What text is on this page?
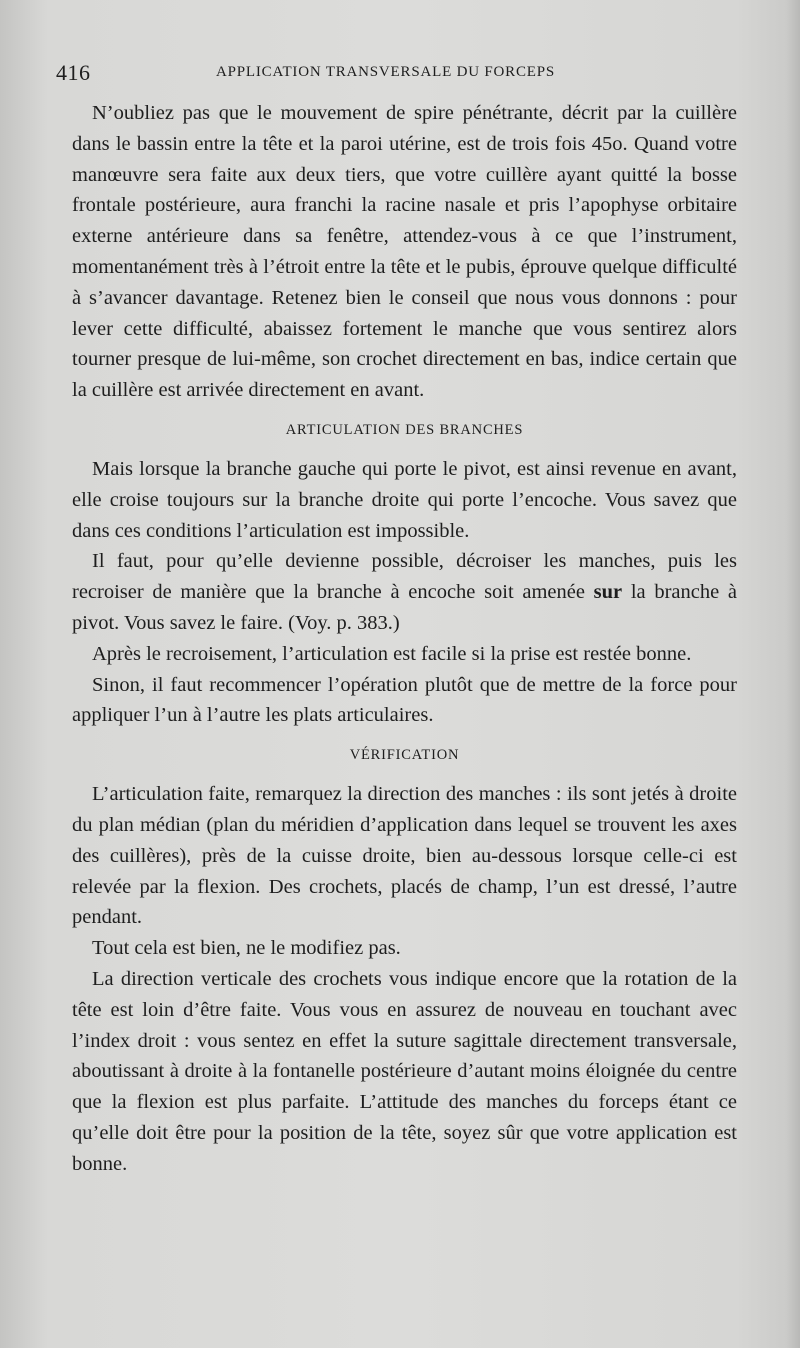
416	APPLICATION TRANSVERSALE DU FORCEPS

N’oubliez pas que le mouvement de spire pénétrante, décrit par la cuillère dans le bassin entre la tête et la paroi utérine, est de trois fois 45o. Quand votre manœuvre sera faite aux deux tiers, que votre cuillère ayant quitté la bosse frontale postérieure, aura franchi la racine nasale et pris l’apophyse orbitaire externe antérieure dans sa fenêtre, attendez-vous à ce que l’instrument, momentanément très à l’étroit entre la tête et le pubis, éprouve quelque difficulté à s’avancer davantage. Retenez bien le conseil que nous vous donnons : pour lever cette difficulté, abaissez fortement le manche que vous sentirez alors tourner presque de lui-même, son crochet directement en bas, indice certain que la cuillère est arrivée directement en avant.

ARTICULATION DES BRANCHES

Mais lorsque la branche gauche qui porte le pivot, est ainsi revenue en avant, elle croise toujours sur la branche droite qui porte l’encoche. Vous savez que dans ces conditions l’articulation est impossible.

Il faut, pour qu’elle devienne possible, décroiser les manches, puis les recroiser de manière que la branche à encoche soit amenée sur la branche à pivot. Vous savez le faire. (Voy. p. 383.)

Après le recroisement, l’articulation est facile si la prise est restée bonne.

Sinon, il faut recommencer l’opération plutôt que de mettre de la force pour appliquer l’un à l’autre les plats articulaires.

VÉRIFICATION

L’articulation faite, remarquez la direction des manches : ils sont jetés à droite du plan médian (plan du méridien d’application dans lequel se trouvent les axes des cuillères), près de la cuisse droite, bien au-dessous lorsque celle-ci est relevée par la flexion. Des crochets, placés de champ, l’un est dressé, l’autre pendant.

Tout cela est bien, ne le modifiez pas.

La direction verticale des crochets vous indique encore que la rotation de la tête est loin d’être faite. Vous vous en assurez de nouveau en touchant avec l’index droit : vous sentez en effet la suture sagittale directement transversale, aboutissant à droite à la fontanelle postérieure d’autant moins éloignée du centre que la flexion est plus parfaite. L’attitude des manches du forceps étant ce qu’elle doit être pour la position de la tête, soyez sûr que votre application est bonne.
